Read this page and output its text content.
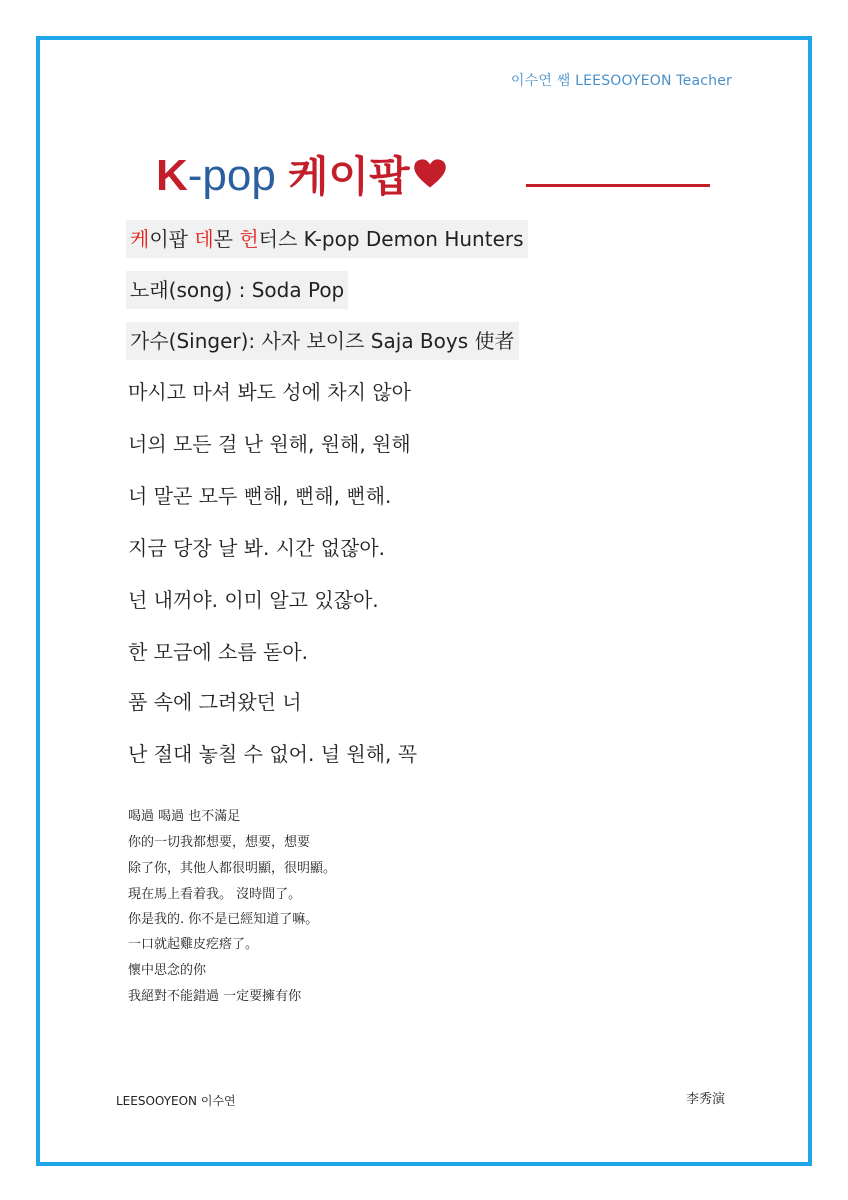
이수연 쌤 LEESOOYEON Teacher
K -pop 케이팝
케이팝 데몬 헌터스 K-pop Demon Hunters
노래(song) : Soda Pop
가수(Singer): 사자 보이즈 Saja Boys 使者
마시고 마셔 봐도 성에 차지 않아
너의 모든 걸 난 원해, 원해, 원해
너 말곤 모두 뻔해, 뻔해, 뻔해.
지금 당장 날 봐. 시간 없잖아.
넌 내꺼야. 이미 알고 있잖아.
한 모금에 소름 돋아.
품 속에 그려왔던 너
난 절대 놓칠 수 없어. 널 원해, 꼭
喝過 喝過 也不滿足
你的一切我都想要，想要，想要
除了你，其他人都很明顯，很明顯。
現在馬上看着我。 沒時間了。
你是我的. 你不是已經知道了嘛。
一口就起雞皮疙瘩了。
懷中思念的你
我絕對不能錯過 一定要擁有你
LEESOOYEON 이수연	李秀演
